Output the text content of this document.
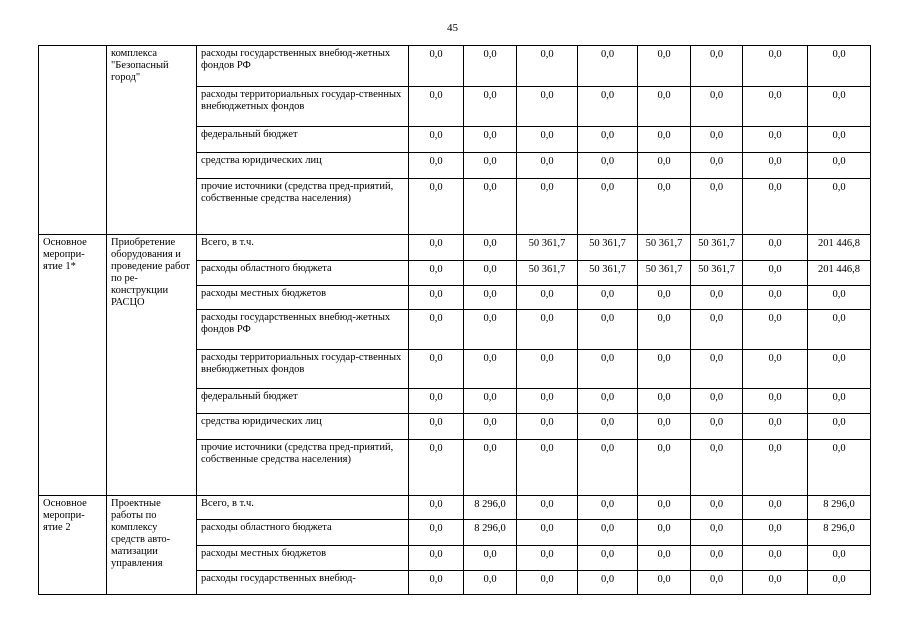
45
	комплекса "Безопасный город"	расходы государственных внебюд-жетных фондов РФ	0,0	0,0	0,0	0,0	0,0	0,0	0,0	0,0
		расходы территориальных государ-ственных внебюджетных фондов	0,0	0,0	0,0	0,0	0,0	0,0	0,0	0,0
		федеральный бюджет	0,0	0,0	0,0	0,0	0,0	0,0	0,0	0,0
		средства юридических лиц	0,0	0,0	0,0	0,0	0,0	0,0	0,0	0,0
		прочие источники (средства пред-приятий, собственные средства населения)	0,0	0,0	0,0	0,0	0,0	0,0	0,0	0,0
Основное меропри-ятие 1*	Приобретение оборудования и проведение работ по ре-конструкции РАСЦО	Всего, в т.ч.	0,0	0,0	50 361,7	50 361,7	50 361,7	50 361,7	0,0	201 446,8
		расходы областного бюджета	0,0	0,0	50 361,7	50 361,7	50 361,7	50 361,7	0,0	201 446,8
		расходы местных бюджетов	0,0	0,0	0,0	0,0	0,0	0,0	0,0	0,0
		расходы государственных внебюд-жетных фондов РФ	0,0	0,0	0,0	0,0	0,0	0,0	0,0	0,0
		расходы территориальных государ-ственных внебюджетных фондов	0,0	0,0	0,0	0,0	0,0	0,0	0,0	0,0
		федеральный бюджет	0,0	0,0	0,0	0,0	0,0	0,0	0,0	0,0
		средства юридических лиц	0,0	0,0	0,0	0,0	0,0	0,0	0,0	0,0
		прочие источники (средства пред-приятий, собственные средства населения)	0,0	0,0	0,0	0,0	0,0	0,0	0,0	0,0
Основное меропри-ятие 2	Проектные работы по комплексу средств авто-матизации управления	Всего, в т.ч.	0,0	8 296,0	0,0	0,0	0,0	0,0	0,0	8 296,0
		расходы областного бюджета	0,0	8 296,0	0,0	0,0	0,0	0,0	0,0	8 296,0
		расходы местных бюджетов	0,0	0,0	0,0	0,0	0,0	0,0	0,0	0,0
		расходы государственных внебюд-	0,0	0,0	0,0	0,0	0,0	0,0	0,0	0,0
